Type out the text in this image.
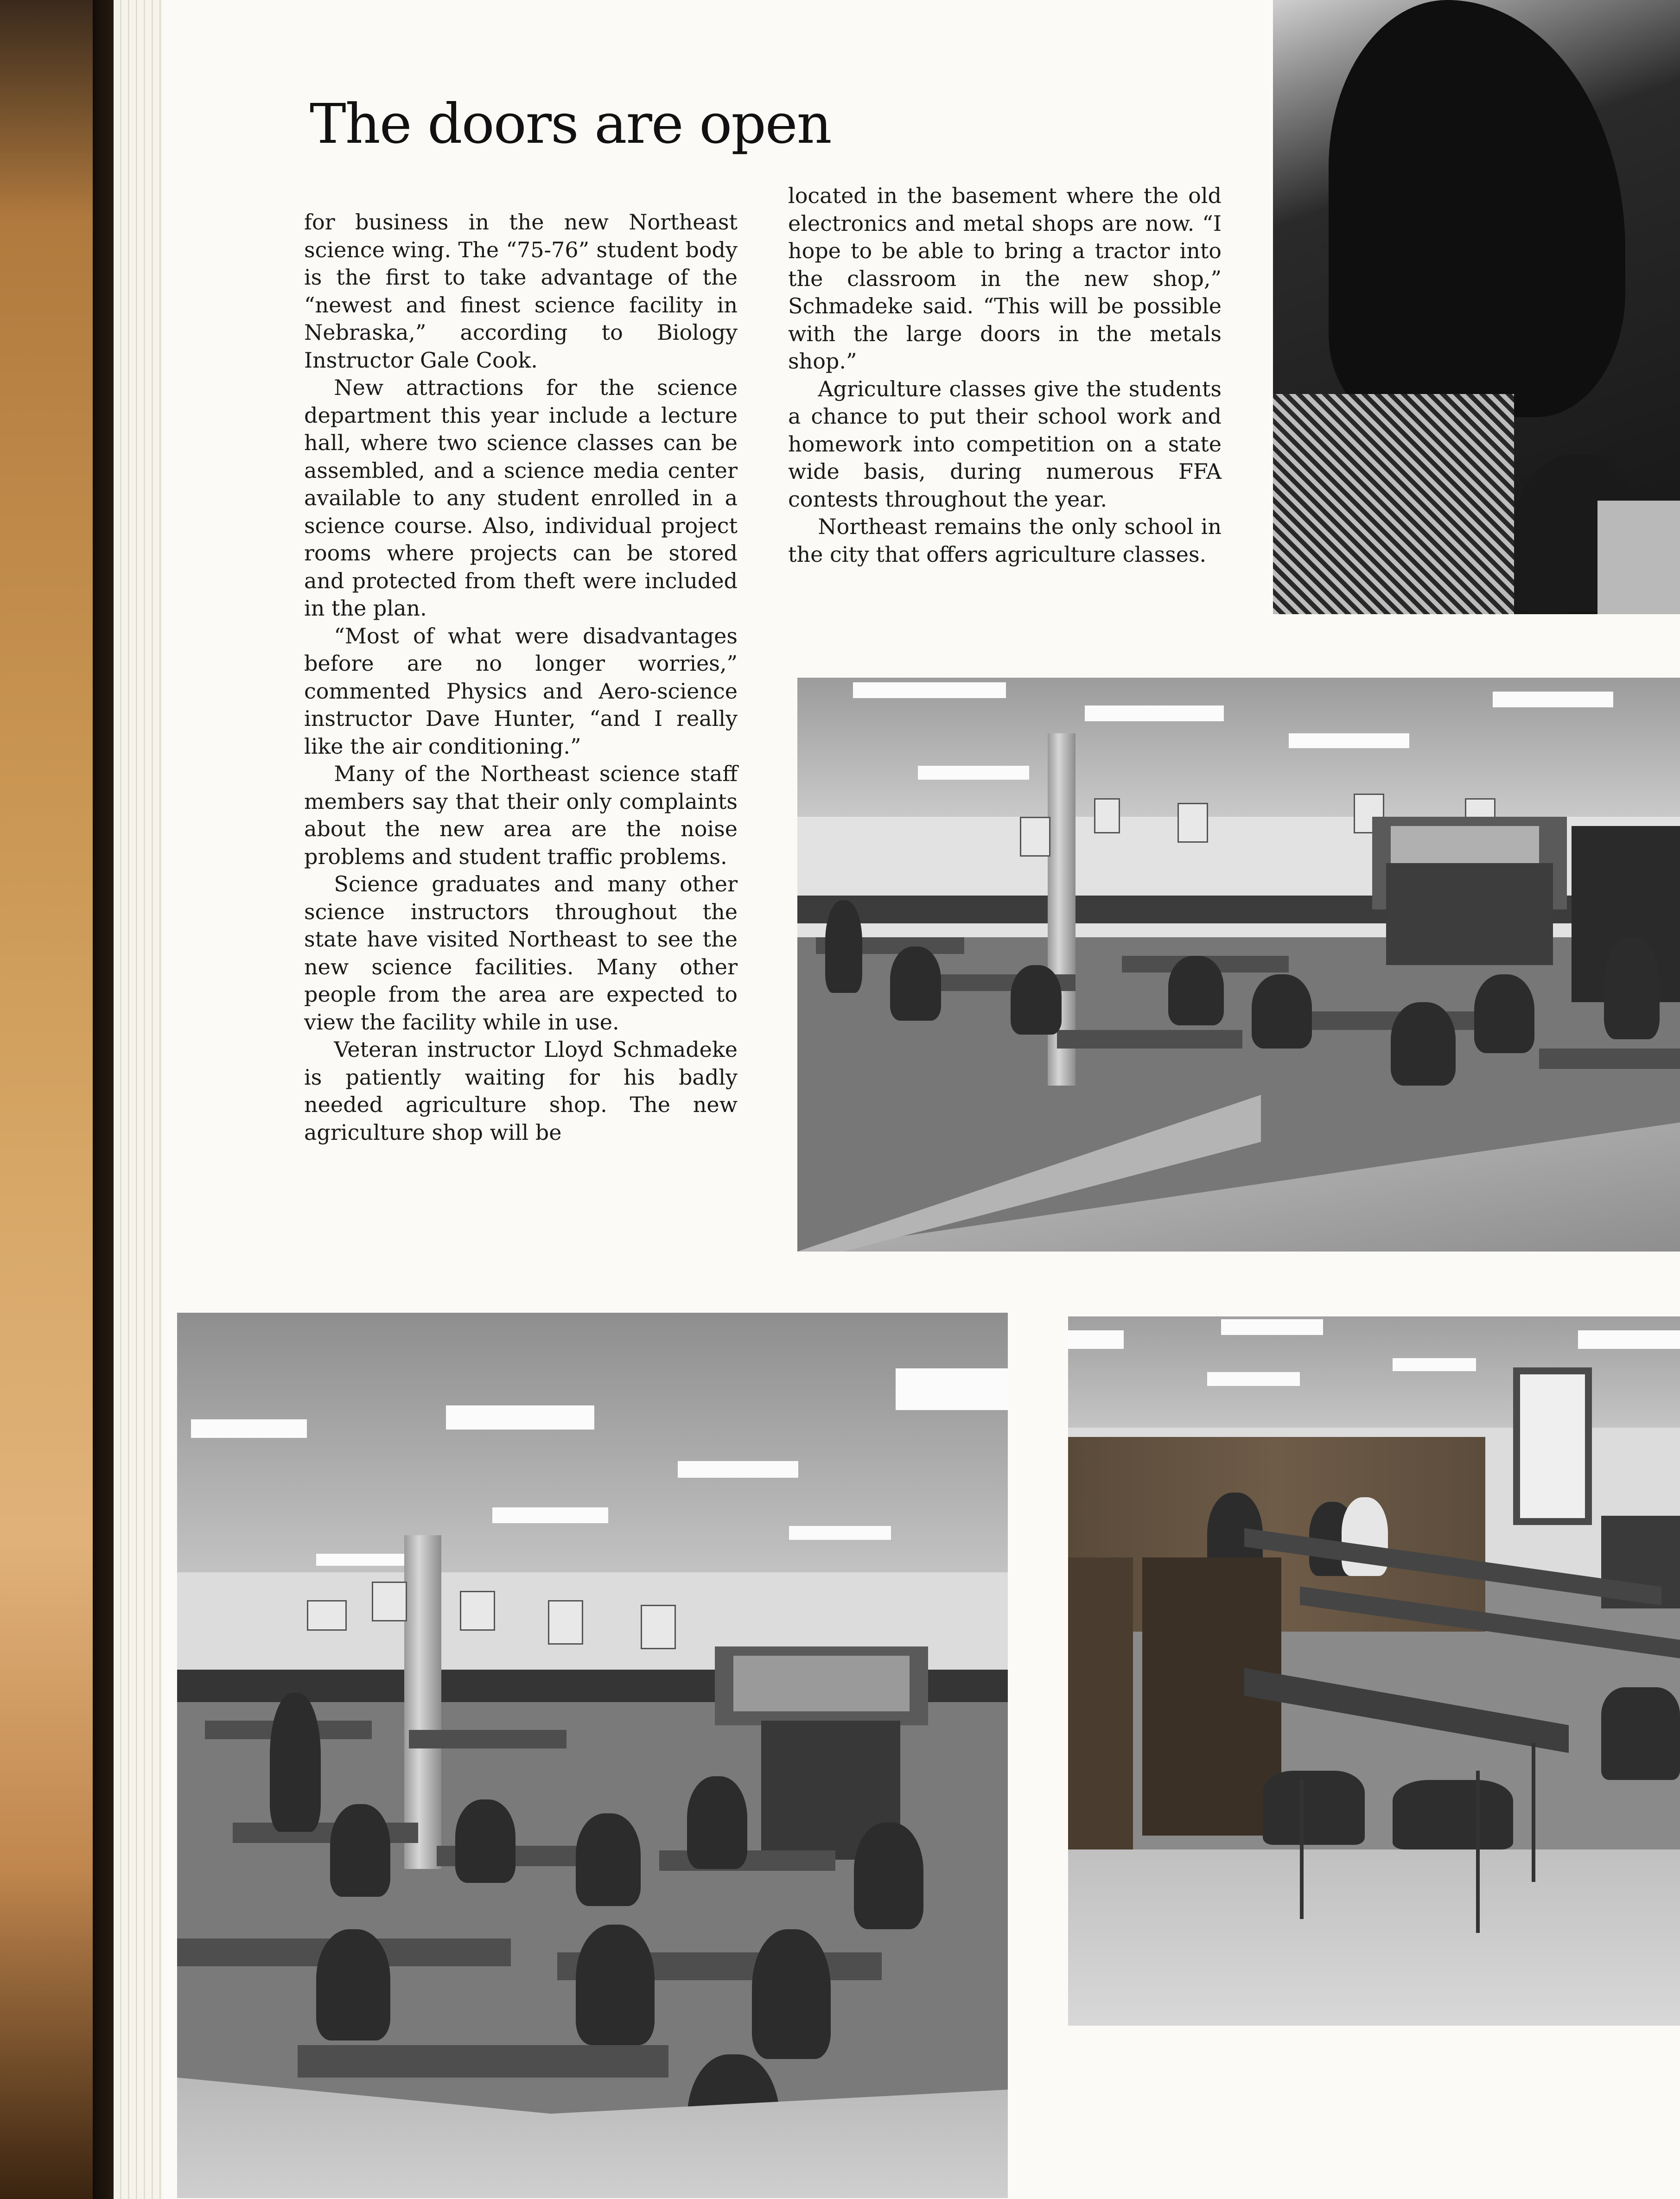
The doors are open

for business in the new Northeast science wing. The “75-76” student body is the first to take advantage of the “newest and finest science facility in Nebraska,” according to Biology Instructor Gale Cook.

New attractions for the science department this year include a lecture hall, where two science classes can be assembled, and a science media center available to any student enrolled in a science course. Also, individual project rooms where projects can be stored and protected from theft were included in the plan.

“Most of what were disadvantages before are no longer worries,” commented Physics and Aero-science instructor Dave Hunter, “and I really like the air conditioning.”

Many of the Northeast science staff members say that their only complaints about the new area are the noise problems and student traffic problems.

Science graduates and many other science instructors throughout the state have visited Northeast to see the new science facilities. Many other people from the area are expected to view the facility while in use.

Veteran instructor Lloyd Schmadeke is patiently waiting for his badly needed agriculture shop. The new agriculture shop will be

located in the basement where the old electronics and metal shops are now. “I hope to be able to bring a tractor into the classroom in the new shop,” Schmadeke said. “This will be possible with the large doors in the metals shop.”

Agriculture classes give the students a chance to put their school work and homework into competition on a state wide basis, during numerous FFA contests throughout the year.

Northeast remains the only school in the city that offers agriculture classes.
